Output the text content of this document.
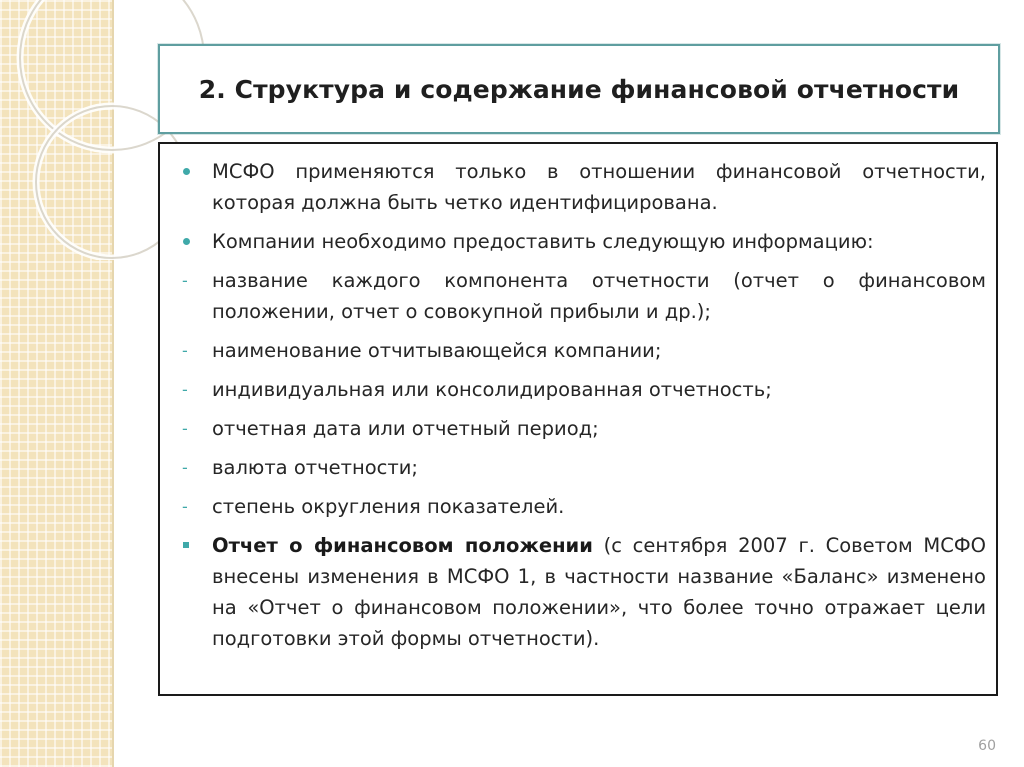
2. Структура и содержание финансовой отчетности
МСФО применяются только в отношении финансовой отчетности, которая должна быть четко идентифицирована.
Компании необходимо предоставить следующую информацию:
-
название каждого компонента отчетности (отчет о финансовом положении, отчет о совокупной прибыли и др.);
-
наименование отчитывающейся компании;
-
индивидуальная или консолидированная отчетность;
-
отчетная дата или отчетный период;
-
валюта отчетности;
-
степень округления показателей.
Отчет о финансовом положении (с сентября 2007 г. Советом МСФО внесены изменения в МСФО 1, в частности название «Баланс» изменено на «Отчет о финансовом положении», что более точно отражает цели подготовки этой формы отчетности).
60
